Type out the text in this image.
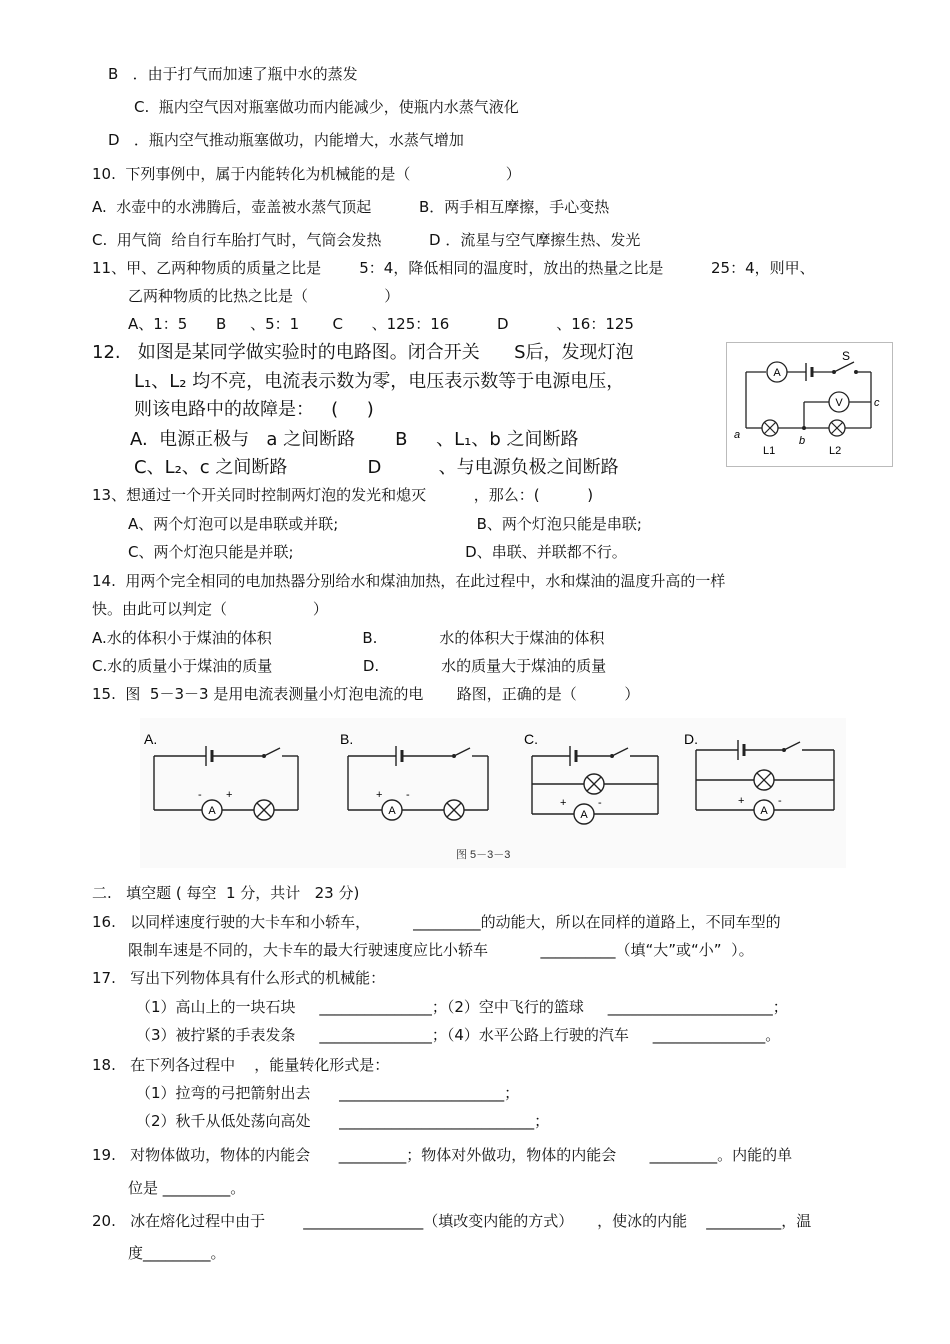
B   ．由于打气而加速了瓶中水的蒸发
C.  瓶内空气因对瓶塞做功而内能减少，使瓶内水蒸气液化
D   ．瓶内空气推动瓶塞做功，内能增大，水蒸气增加
10.  下列事例中，属于内能转化为机械能的是（                    ）
A.  水壶中的水沸腾后，壶盖被水蒸气顶起          B．两手相互摩擦，手心变热
C.  用气筒  给自行车胎打气时，气筒会发热          D ．流星与空气摩擦生热、发光
11、甲、乙两种物质的质量之比是        5：4，降低相同的温度时，放出的热量之比是          25：4，则甲、
乙两种物质的比热之比是（                ）
A、1：5      B     、5：1       C      、125：16          D          、16：125
12.   如图是某同学做实验时的电路图。闭合开关      S后，发现灯泡
L₁、L₂ 均不亮，电流表示数为零，电压表示数等于电源电压，
则该电路中的故障是：   (     )
A.  电源正极与   a 之间断路       B     、L₁、b 之间断路
C、L₂、c 之间断路              D          、与电源负极之间断路
A
S
V	c
a	b
L1	L2
13、想通过一个开关同时控制两灯泡的发光和熄灭          ，那么：(          )
A、两个灯泡可以是串联或并联;                             B、两个灯泡只能是串联;
C、两个灯泡只能是并联;                                    D、串联、并联都不行。
14.  用两个完全相同的电加热器分别给水和煤油加热，在此过程中，水和煤油的温度升高的一样
快。由此可以判定（                  ）
A.水的体积小于煤油的体积                   B.             水的体积大于煤油的体积
C.水的质量小于煤油的质量                   D.             水的质量大于煤油的质量
15.  图  5－3－3 是用电流表测量小灯泡电流的电       路图，正确的是（          ）
A.
A
- +
B.
A
+ -
C.
A
+	-
D.
A
+	-
图 5－3－3
二.   填空题 ( 每空  1 分，共计   23 分)
16.   以同样速度行驶的大卡车和小轿车，         _________的动能大，所以在同样的道路上，不同车型的
限制车速是不同的，大卡车的最大行驶速度应比小轿车           __________（填“大”或“小”  ）。
17.   写出下列物体具有什么形式的机械能：
（1）高山上的一块石块     _______________；（2）空中飞行的篮球     ______________________；
（3）被拧紧的手表发条     _______________；（4）水平公路上行驶的汽车     _______________。
18.   在下列各过程中    ，能量转化形式是：
（1）拉弯的弓把箭射出去      ______________________；
（2）秋千从低处荡向高处      __________________________；
19.   对物体做功，物体的内能会      _________；物体对外做功，物体的内能会       _________。内能的单
位是 _________。
20.   冰在熔化过程中由于        ________________（填改变内能的方式）     ，使冰的内能    __________，温
度_________。
